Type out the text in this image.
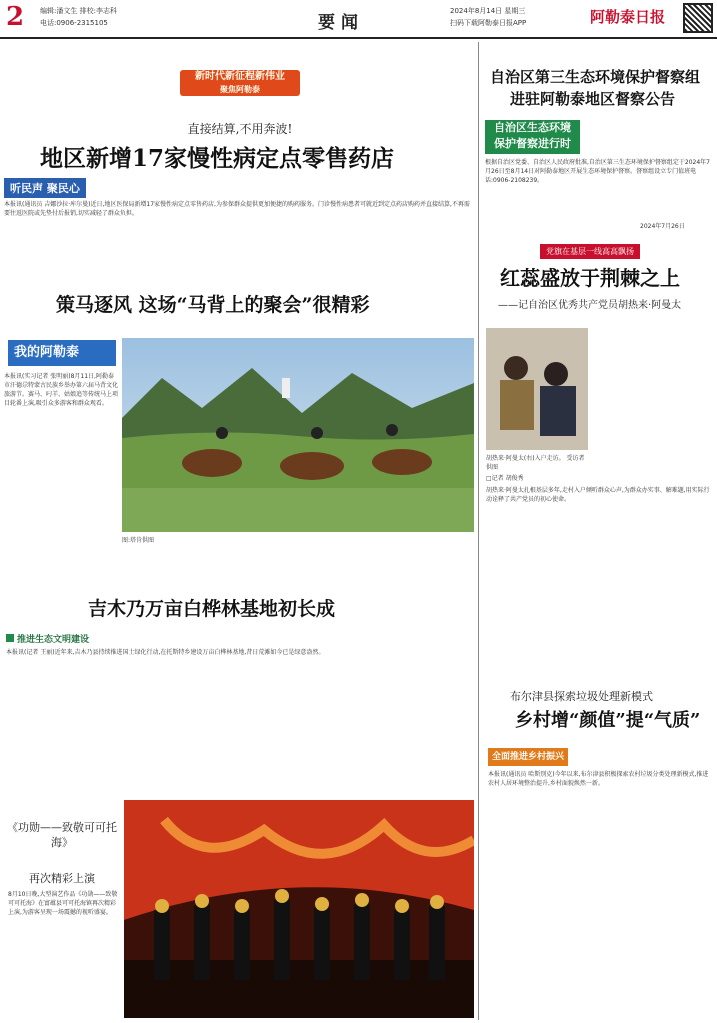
2 编辑:潘文生 排校:李志科
电话:0906-2315105	要闻
2024年8月14日 星期三
扫码下载阿勒泰日报APP	阿勒泰日报
新时代新征程新伟业
聚焦阿勒泰
直接结算,不用奔波!
地区新增17家慢性病定点零售药店
听民声 聚民心
本报讯(通讯员 吉娜沙拉·库尔曼)近日,地区医保局新增17家慢性病定点零售药店,为参保群众提供更加便捷的购药服务。门诊慢性病患者可就近到定点药店购药并直接结算,不再需要往返医院或先垫付后报销,切实减轻了群众负担。
策马逐风 这场“马背上的聚会”很精彩
我的阿勒泰
本报讯(实习记者 张明丽)8月11日,阿勒泰市汗德尕特蒙古民族乡举办第六届马背文化旅游节。赛马、叼羊、姑娘追等传统马上项目轮番上演,吸引众多游客和群众观看。
图:塔肯供图
吉木乃万亩白桦林基地初长成
推进生态文明建设
本报讯(记者 王丽)近年来,吉木乃县持续推进国土绿化行动,在托斯特乡建设万亩白桦林基地,昔日荒滩如今已是绿意盎然。
《功勋——致敬可可托海》
再次精彩上演
8月10日晚,大型演艺作品《功勋——致敬可可托海》在富蕴县可可托海镇再次精彩上演,为游客呈现一场震撼的视听盛宴。
自治区第三生态环境保护督察组
进驻阿勒泰地区督察公告
自治区生态环境
保护督察进行时
根据自治区党委、自治区人民政府批准,自治区第三生态环境保护督察组定于2024年7月26日至8月14日对阿勒泰地区开展生态环境保护督察。督察组设立专门值班电话:0906-2108239。
2024年7月26日
党旗在基层一线高高飘扬
红蕊盛放于荆棘之上
——记自治区优秀共产党员胡热来·阿曼太
胡热来·阿曼太(右)入户走访。 受访者供图
□记者 胡俊秀
胡热来·阿曼太扎根基层多年,走村入户倾听群众心声,为群众办实事、解难题,用实际行动诠释了共产党员的初心使命。
布尔津县探索垃圾处理新模式
乡村增“颜值”提“气质”
全面推进乡村振兴
本报讯(通讯员 哈斯别克)今年以来,布尔津县积极探索农村垃圾分类处理新模式,推进农村人居环境整治提升,乡村面貌焕然一新。
